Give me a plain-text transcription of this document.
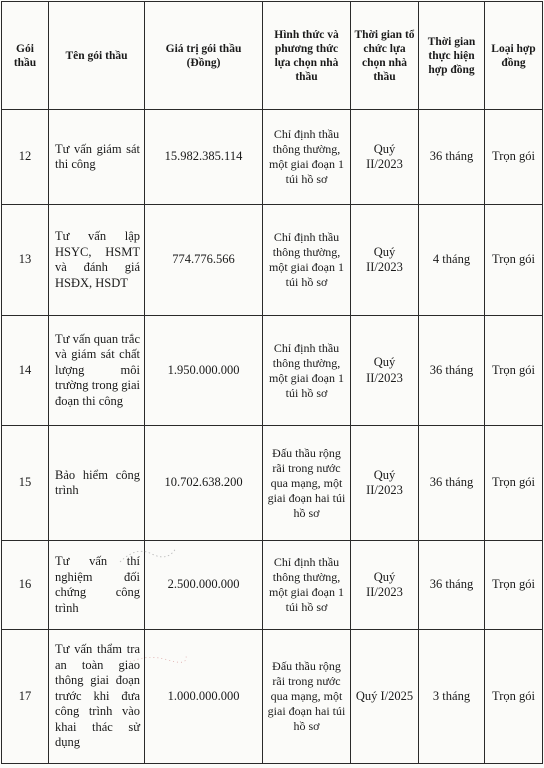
Gói thầu	Tên gói thầu	Giá trị gói thầu (Đồng)	Hình thức và phương thức lựa chọn nhà thầu	Thời gian tổ chức lựa chọn nhà thầu	Thời gian thực hiện hợp đồng	Loại hợp đồng
12	Tư vấn giám sát thi công	15.982.385.114	Chỉ định thầu thông thường, một giai đoạn 1 túi hồ sơ	Quý II/2023	36 tháng	Trọn gói
13	Tư vấn lập HSYC, HSMT và đánh giá HSĐX, HSDT	774.776.566	Chỉ định thầu thông thường, một giai đoạn 1 túi hồ sơ	Quý II/2023	4 tháng	Trọn gói
14	Tư vấn quan trắc và giám sát chất lượng môi trường trong giai đoạn thi công	1.950.000.000	Chỉ định thầu thông thường, một giai đoạn 1 túi hồ sơ	Quý II/2023	36 tháng	Trọn gói
15	Bảo hiểm công trình	10.702.638.200	Đấu thầu rộng rãi trong nước qua mạng, một giai đoạn hai túi hồ sơ	Quý II/2023	36 tháng	Trọn gói
16	Tư vấn thí nghiệm đối chứng công trình	2.500.000.000	Chỉ định thầu thông thường, một giai đoạn 1 túi hồ sơ	Quý II/2023	36 tháng	Trọn gói
17	Tư vấn thẩm tra an toàn giao thông giai đoạn trước khi đưa công trình vào khai thác sử dụng	1.000.000.000	Đấu thầu rộng rãi trong nước qua mạng, một giai đoạn hai túi hồ sơ	Quý I/2025	3 tháng	Trọn gói
